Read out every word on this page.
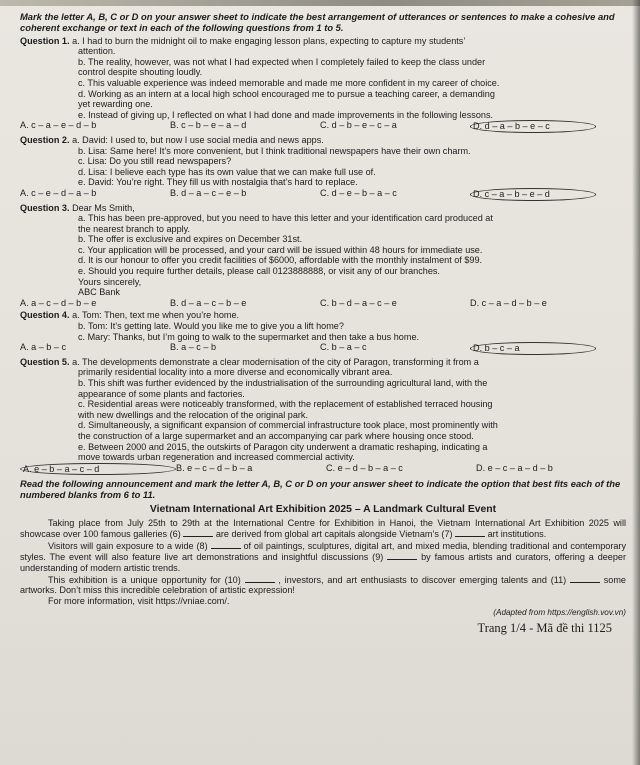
Mark the letter A, B, C or D on your answer sheet to indicate the best arrangement of utterances or sentences to make a cohesive and coherent exchange or text in each of the following questions from 1 to 5.
Question 1. a. I had to burn the midnight oil to make engaging lesson plans, expecting to capture my students’
attention.
b. The reality, however, was not what I had expected when I completely failed to keep the class under
control despite shouting loudly.
c. This valuable experience was indeed memorable and made me more confident in my career of choice.
d. Working as an intern at a local high school encouraged me to pursue a teaching career, a demanding
yet rewarding one.
e. Instead of giving up, I reflected on what I had done and made improvements in the following lessons.
A. c – a – e – d – b	B. c – b – e – a – d	C. d – b – e – c – a	D. d – a – b – e – c
Question 2. a. David: I used to, but now I use social media and news apps.
b. Lisa: Same here! It’s more convenient, but I think traditional newspapers have their own charm.
c. Lisa: Do you still read newspapers?
d. Lisa: I believe each type has its own value that we can make full use of.
e. David: You’re right. They fill us with nostalgia that’s hard to replace.
A. c – e – d – a – b	B. d – a – c – e – b	C. d – e – b – a – c	D. c – a – b – e – d
Question 3. Dear Ms Smith,
a. This has been pre-approved, but you need to have this letter and your identification card produced at
the nearest branch to apply.
b. The offer is exclusive and expires on December 31st.
c. Your application will be processed, and your card will be issued within 48 hours for immediate use.
d. It is our honour to offer you credit facilities of $6000, affordable with the monthly instalment of $99.
e. Should you require further details, please call 0123888888, or visit any of our branches.
Yours sincerely,
ABC Bank
A. a – c – d – b – e	B. d – a – c – b – e	C. b – d – a – c – e	D. c – a – d – b – e
Question 4. a. Tom: Then, text me when you’re home.
b. Tom: It’s getting late. Would you like me to give you a lift home?
c. Mary: Thanks, but I’m going to walk to the supermarket and then take a bus home.
A. a – b – c	B. a – c – b	C. b – a – c	D. b – c – a
Question 5. a. The developments demonstrate a clear modernisation of the city of Paragon, transforming it from a
primarily residential locality into a more diverse and economically vibrant area.
b. This shift was further evidenced by the industrialisation of the surrounding agricultural land, with the
appearance of some plants and factories.
c. Residential areas were noticeably transformed, with the replacement of established terraced housing
with new dwellings and the relocation of the original park.
d. Simultaneously, a significant expansion of commercial infrastructure took place, most prominently with
the construction of a large supermarket and an accompanying car park where housing once stood.
e. Between 2000 and 2015, the outskirts of Paragon city underwent a dramatic reshaping, indicating a
move towards urban regeneration and increased commercial activity.
A. e – b – a – c – d	B. e – c – d – b – a	C. e – d – b – a – c	D. e – c – a – d – b
Read the following announcement and mark the letter A, B, C or D on your answer sheet to indicate the option that best fits each of the numbered blanks from 6 to 11.
Vietnam International Art Exhibition 2025 – A Landmark Cultural Event
Taking place from July 25th to 29th at the International Centre for Exhibition in Hanoi, the Vietnam International Art Exhibition 2025 will showcase over 100 famous galleries (6)	are derived from global art capitals alongside Vietnam’s (7)	art institutions.
Visitors will gain exposure to a wide (8)	of oil paintings, sculptures, digital art, and mixed media, blending traditional and contemporary styles. The event will also feature live art demonstrations and insightful discussions (9)	by famous artists and curators, offering a deeper understanding of modern artistic trends.
This exhibition is a unique opportunity for (10)	, investors, and art enthusiasts to discover emerging talents and (11)	some artworks. Don’t miss this incredible celebration of artistic expression!
For more information, visit https://vniae.com/.
(Adapted from https://english.vov.vn)
Trang 1/4 - Mã đề thi 1125
